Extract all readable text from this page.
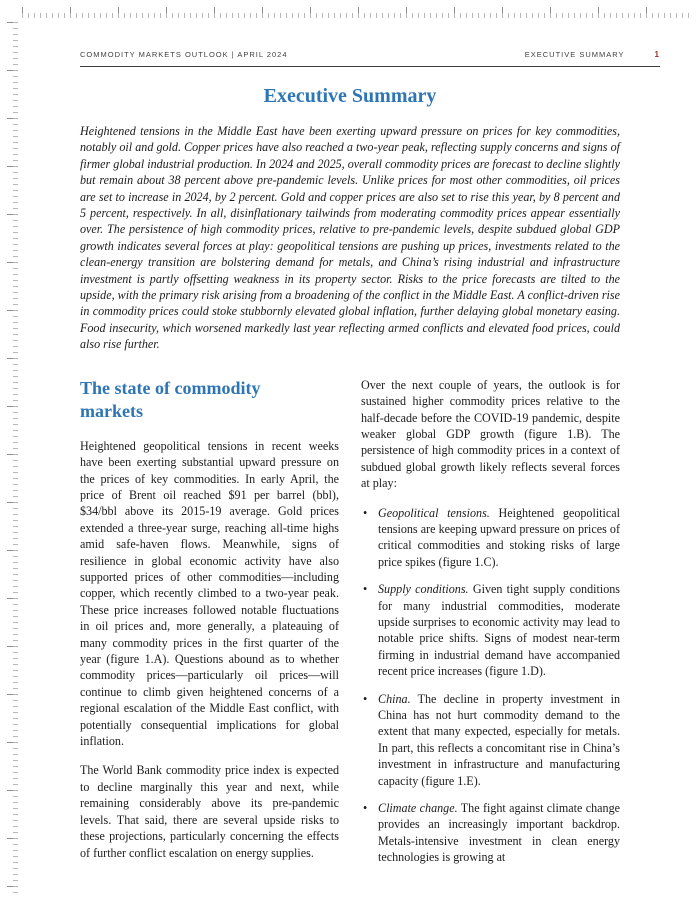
COMMODITY MARKETS OUTLOOK | APRIL 2024	EXECUTIVE SUMMARY	1
Executive Summary

Heightened tensions in the Middle East have been exerting upward pressure on prices for key commodities, notably oil and gold. Copper prices have also reached a two-year peak, reflecting supply concerns and signs of firmer global industrial production. In 2024 and 2025, overall commodity prices are forecast to decline slightly but remain about 38 percent above pre-pandemic levels. Unlike prices for most other commodities, oil prices are set to increase in 2024, by 2 percent. Gold and copper prices are also set to rise this year, by 8 percent and 5 percent, respectively. In all, disinflationary tailwinds from moderating commodity prices appear essentially over. The persistence of high commodity prices, relative to pre-pandemic levels, despite subdued global GDP growth indicates several forces at play: geopolitical tensions are pushing up prices, investments related to the clean-energy transition are bolstering demand for metals, and China’s rising industrial and infrastructure investment is partly offsetting weakness in its property sector. Risks to the price forecasts are tilted to the upside, with the primary risk arising from a broadening of the conflict in the Middle East. A conflict-driven rise in commodity prices could stoke stubbornly elevated global inflation, further delaying global monetary easing. Food insecurity, which worsened markedly last year reflecting armed conflicts and elevated food prices, could also rise further.

The state of commodity markets

Heightened geopolitical tensions in recent weeks have been exerting substantial upward pressure on the prices of key commodities. In early April, the price of Brent oil reached $91 per barrel (bbl), $34/bbl above its 2015-19 average. Gold prices extended a three-year surge, reaching all-time highs amid safe-haven flows. Meanwhile, signs of resilience in global economic activity have also supported prices of other commodities—including copper, which recently climbed to a two-year peak. These price increases followed notable fluctuations in oil prices and, more generally, a plateauing of many commodity prices in the first quarter of the year (figure 1.A). Questions abound as to whether commodity prices—particularly oil prices—will continue to climb given heightened concerns of a regional escalation of the Middle East conflict, with potentially consequential implications for global inflation.

The World Bank commodity price index is expected to decline marginally this year and next, while remaining considerably above its pre-pandemic levels. That said, there are several upside risks to these projections, particularly concerning the effects of further conflict escalation on energy supplies.

Over the next couple of years, the outlook is for sustained higher commodity prices relative to the half-decade before the COVID-19 pandemic, despite weaker global GDP growth (figure 1.B). The persistence of high commodity prices in a context of subdued global growth likely reflects several forces at play:

• Geopolitical tensions. Heightened geopolitical tensions are keeping upward pressure on prices of critical commodities and stoking risks of large price spikes (figure 1.C).
• Supply conditions. Given tight supply conditions for many industrial commodities, moderate upside surprises to economic activity may lead to notable price shifts. Signs of modest near-term firming in industrial demand have accompanied recent price increases (figure 1.D).
• China. The decline in property investment in China has not hurt commodity demand to the extent that many expected, especially for metals. In part, this reflects a concomitant rise in China’s investment in infrastructure and manufacturing capacity (figure 1.E).
• Climate change. The fight against climate change provides an increasingly important backdrop. Metals-intensive investment in clean energy technologies is growing at
